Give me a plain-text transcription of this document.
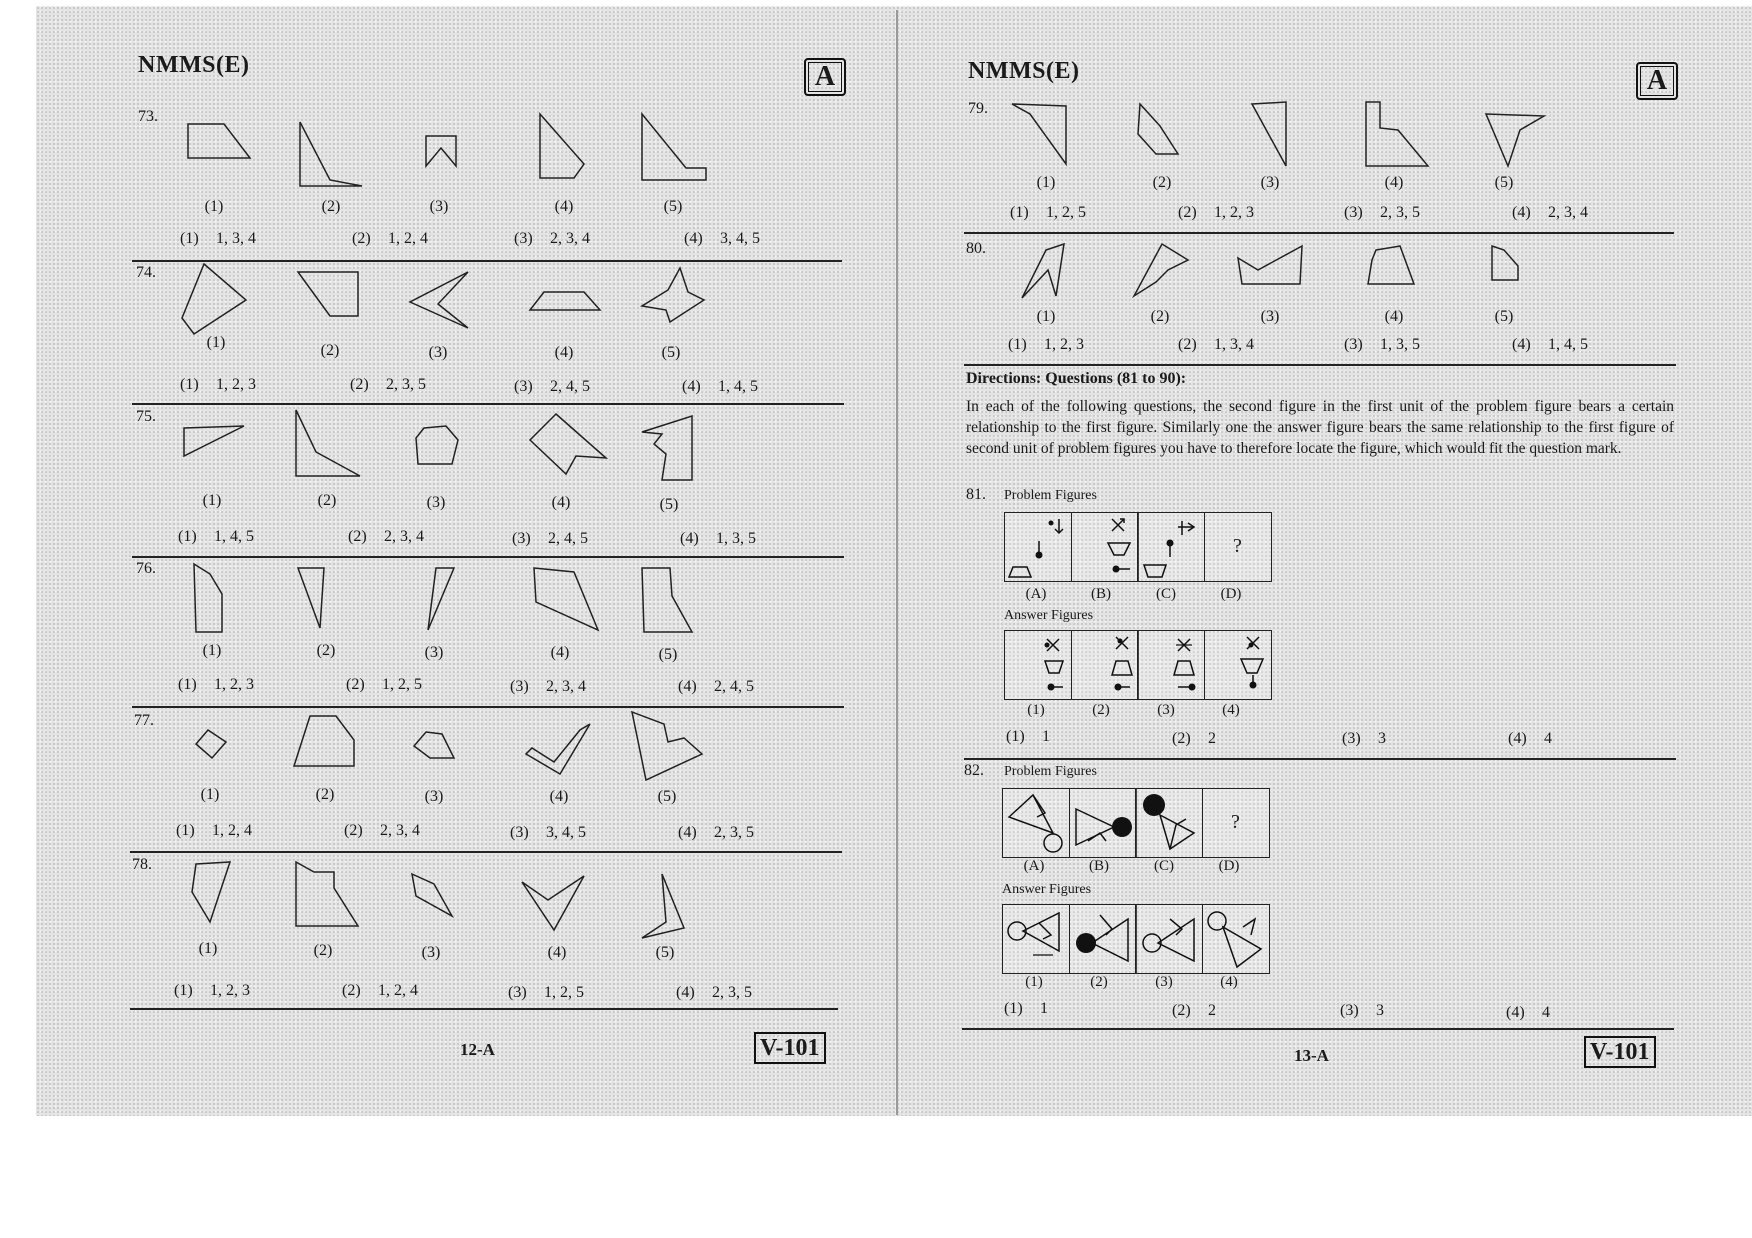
NMMS(E)	A
73.
(1)	(2)	(3)	(4)	(5)
(1) 1, 3, 4	(2) 1, 2, 4	(3) 2, 3, 4	(4) 3, 4, 5
74.
(2)
(1)
(3)	(4)	(5)
(1) 1, 2, 3	(2) 2, 3, 5	(3) 2, 4, 5	(4) 1, 4, 5
75.
(1)	(2)	(3)	(4)	(5)
(1) 1, 4, 5	(2) 2, 3, 4	(3) 2, 4, 5	(4) 1, 3, 5
76.
(1)	(2)	(3)	(4)	(5)
(1) 1, 2, 3	(2) 1, 2, 5	(3) 2, 3, 4	(4) 2, 4, 5
77.
(1)	(2)	(3)	(4)	(5)
(1) 1, 2, 4	(2) 2, 3, 4	(3) 3, 4, 5	(4) 2, 3, 5
78.
(1)	(2)	(3)	(4)	(5)
(1) 1, 2, 3	(2) 1, 2, 4	(3) 1, 2, 5	(4) 2, 3, 5
12-A	V-101
NMMS(E)	A
79.
(1)	(2)	(3)	(4)	(5)
(1) 1, 2, 5	(2) 1, 2, 3	(3) 2, 3, 5	(4) 2, 3, 4
80.
(1)	(2)	(3)	(4)	(5)
(1) 1, 2, 3	(2) 1, 3, 4	(3) 1, 3, 5	(4) 1, 4, 5
Directions: Questions (81 to 90):
In each of the following questions, the second figure in the first unit of the problem figure bears a certain relationship to the first figure. Similarly one the answer figure bears the same relationship to the first figure of second unit of problem figures you have to therefore locate the figure, which would fit the question mark.
81. Problem Figures
?
(A)	(B)	(C)	(D)
Answer Figures
(1)	(2)	(3)	(4)
(1) 1	(2) 2	(3) 3	(4) 4
82. Problem Figures
?
(A)	(B)	(C)	(D)
Answer Figures
(1)	(2)	(3)	(4)
(1) 1	(2) 2	(3) 3	(4) 4
13-A	V-101
